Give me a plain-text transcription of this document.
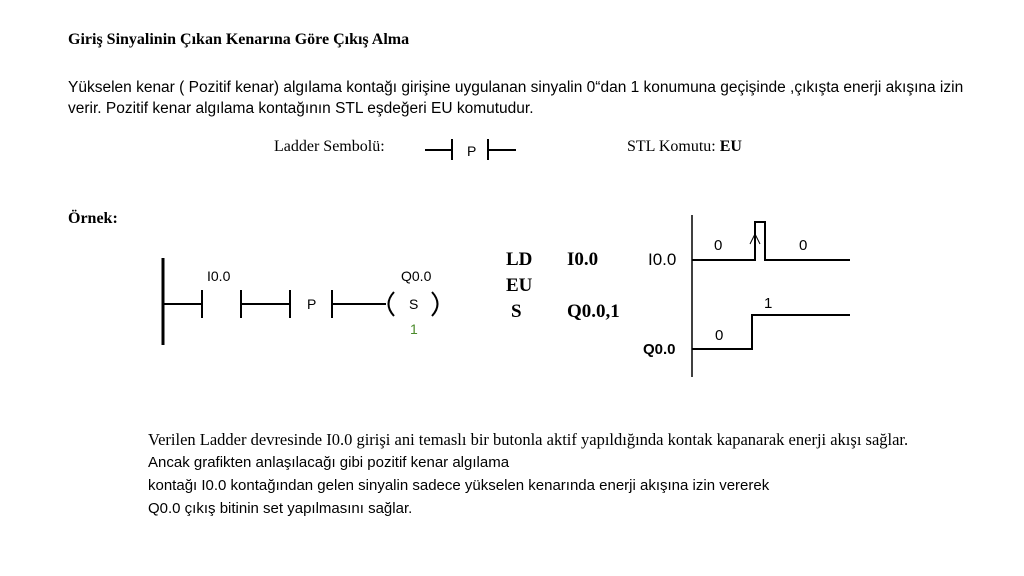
Giriş Sinyalinin Çıkan Kenarına Göre Çıkış Alma
Yükselen kenar ( Pozitif kenar) algılama kontağı girişine uygulanan sinyalin 0“dan 1 konumuna geçişinde ,çıkışta enerji akışına izin verir. Pozitif kenar algılama kontağının STL eşdeğeri EU komutudur.
Ladder Sembolü:	P	STL Komutu: EU
Örnek:
I0.0
P	S
Q0.0
1
LD I0.0
EU
S Q0.0,1
I0.0
Q0.0
0	0
0
1
Verilen Ladder devresinde I0.0 girişi ani temaslı bir butonla aktif yapıldığında kontak kapanarak enerji akışı sağlar.
Ancak grafikten anlaşılacağı gibi pozitif kenar algılama
kontağı I0.0 kontağından gelen sinyalin sadece yükselen kenarında enerji akışına izin vererek
Q0.0 çıkış bitinin set yapılmasını sağlar.
